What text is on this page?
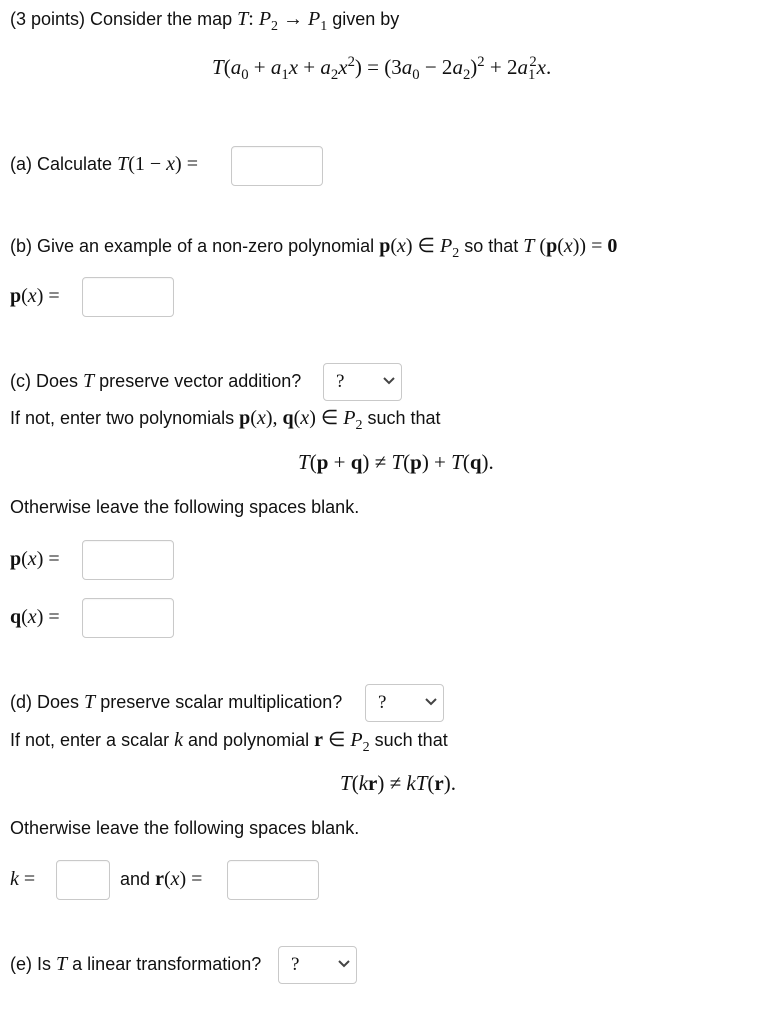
(3 points) Consider the map T: $P_2 \to P_1$ given by
$T(a_0 + a_1x + a_2x^2) = (3a_0 - 2a_2)^2 + 2a_1^2x$.
(a) Calculate T(1 − x) =
(b) Give an example of a non-zero polynomial p(x) ∈ $P_2$ so that T (p(x)) = 0
p(x) =
(c) Does T preserve vector addition? ?
If not, enter two polynomials p(x), q(x) ∈ $P_2$ such that
T(p + q) ≠ T(p) + T(q).
Otherwise leave the following spaces blank.
p(x) =
q(x) =
(d) Does T preserve scalar multiplication? ?
If not, enter a scalar k and polynomial r ∈ $P_2$ such that
T(kr) ≠ kT(r).
Otherwise leave the following spaces blank.
k =	and r(x) =
(e) Is T a linear transformation? ?
